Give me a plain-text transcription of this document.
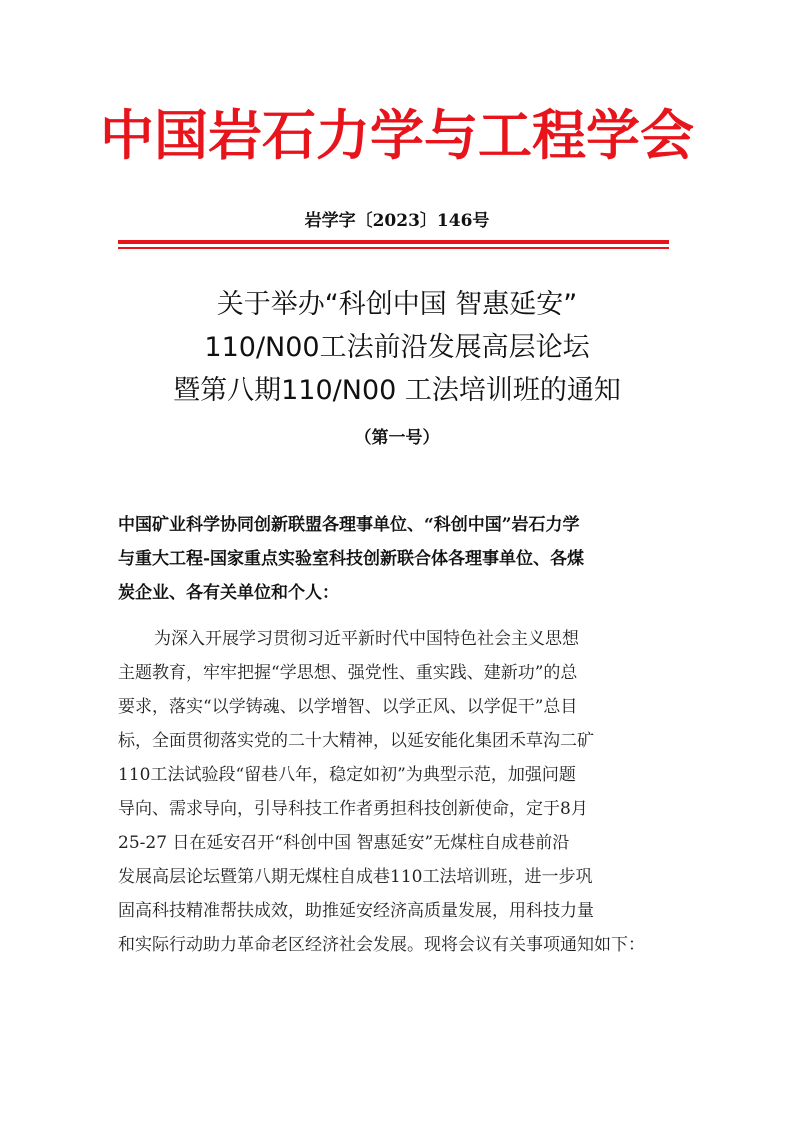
中国岩石力学与工程学会
岩学字〔2023〕146号
关于举办“科创中国 智惠延安”
110/N00工法前沿发展高层论坛
暨第八期110/N00 工法培训班的通知
（第一号）
中国矿业科学协同创新联盟各理事单位、“科创中国”岩石力学
与重大工程-国家重点实验室科技创新联合体各理事单位、各煤
炭企业、各有关单位和个人：
为深入开展学习贯彻习近平新时代中国特色社会主义思想
主题教育，牢牢把握“学思想、强党性、重实践、建新功”的总
要求，落实“以学铸魂、以学增智、以学正风、以学促干”总目
标，全面贯彻落实党的二十大精神，以延安能化集团禾草沟二矿
110工法试验段“留巷八年，稳定如初”为典型示范，加强问题
导向、需求导向，引导科技工作者勇担科技创新使命，定于8月
25-27 日在延安召开“科创中国 智惠延安”无煤柱自成巷前沿
发展高层论坛暨第八期无煤柱自成巷110工法培训班，进一步巩
固高科技精准帮扶成效，助推延安经济高质量发展，用科技力量
和实际行动助力革命老区经济社会发展。现将会议有关事项通知如下：
